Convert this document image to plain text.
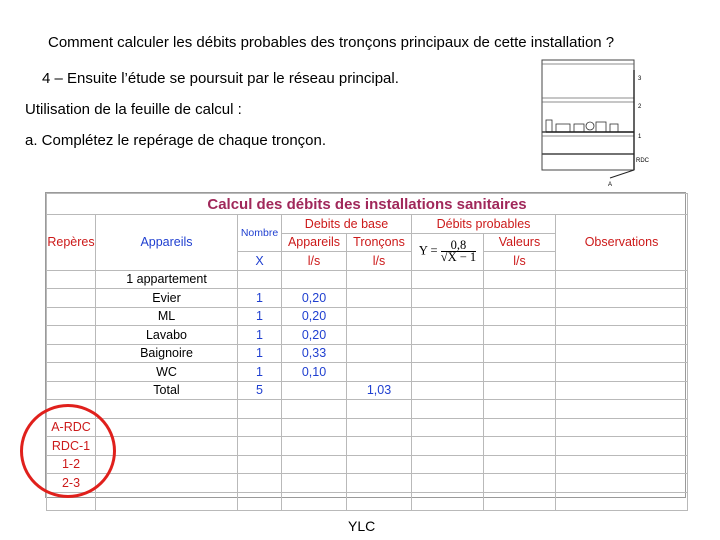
Comment calculer les débits probables des tronçons principaux de cette installation ?
4 – Ensuite l’étude se poursuit par le réseau principal.
Utilisation de la feuille de calcul :
a. Complétez le repérage de chaque tronçon.
3
2
1
RDC
A
Calcul des débits des installations sanitaires							
Repères	Appareils	Nombre	Debits de base		Débits probables		Observations
			Appareils	Tronçons	$Y = \frac{0,8}{√X - 1}$	Valeurs	
		X	l/s	l/s		l/s	
	1 appartement						
	Evier	1	0,20				
	ML	1	0,20				
	Lavabo	1	0,20				
	Baignoire	1	0,33				
	WC	1	0,10				
	Total	5		1,03			

A-RDC							
RDC-1							
1-2							
2-3							

YLC
